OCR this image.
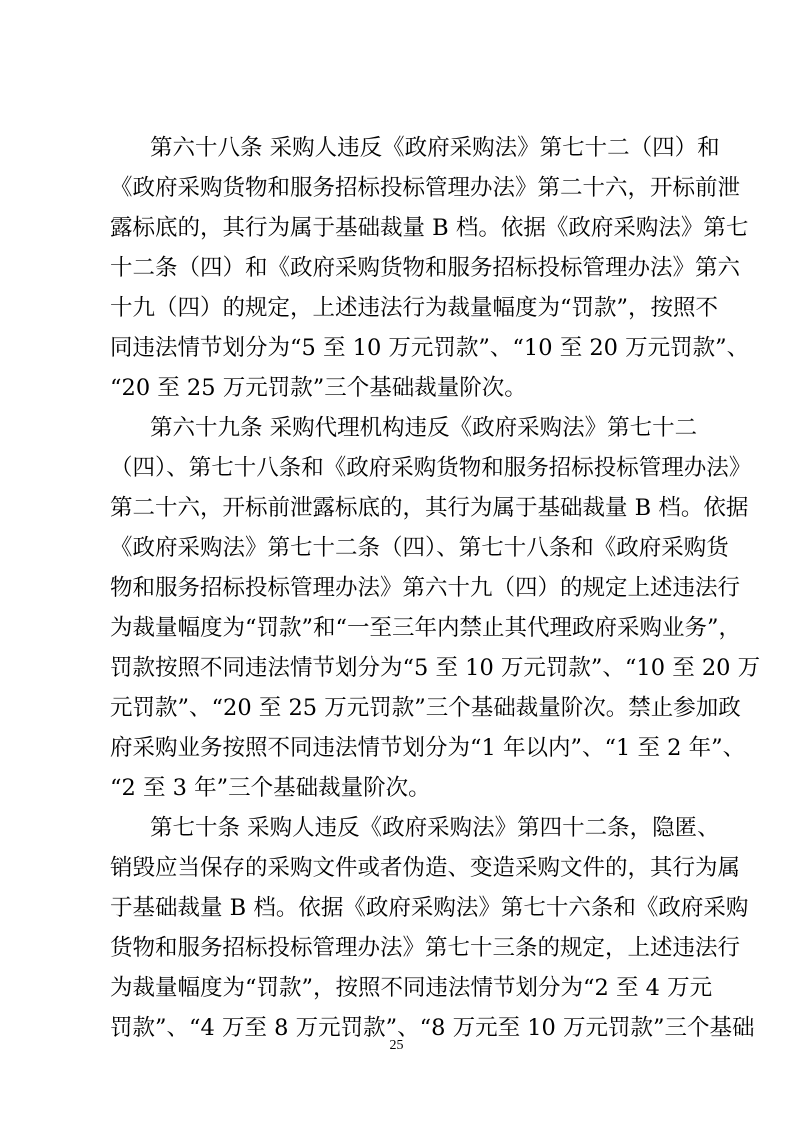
第六十八条 采购人违反《政府采购法》第七十二（四）和
《政府采购货物和服务招标投标管理办法》第二十六，开标前泄
露标底的，其行为属于基础裁量 B 档。依据《政府采购法》第七
十二条（四）和《政府采购货物和服务招标投标管理办法》第六
十九（四）的规定，上述违法行为裁量幅度为“罚款”，按照不
同违法情节划分为“5 至 10 万元罚款”、“10 至 20 万元罚款”、
“20 至 25 万元罚款”三个基础裁量阶次。
第六十九条 采购代理机构违反《政府采购法》第七十二
（四）、第七十八条和《政府采购货物和服务招标投标管理办法》
第二十六，开标前泄露标底的，其行为属于基础裁量 B 档。依据
《政府采购法》第七十二条（四）、第七十八条和《政府采购货
物和服务招标投标管理办法》第六十九（四）的规定上述违法行
为裁量幅度为“罚款”和“一至三年内禁止其代理政府采购业务”，
罚款按照不同违法情节划分为“5 至 10 万元罚款”、“10 至 20 万
元罚款”、“20 至 25 万元罚款”三个基础裁量阶次。禁止参加政
府采购业务按照不同违法情节划分为“1 年以内”、“1 至 2 年”、
“2 至 3 年”三个基础裁量阶次。
第七十条 采购人违反《政府采购法》第四十二条，隐匿、
销毁应当保存的采购文件或者伪造、变造采购文件的，其行为属
于基础裁量 B 档。依据《政府采购法》第七十六条和《政府采购
货物和服务招标投标管理办法》第七十三条的规定，上述违法行
为裁量幅度为“罚款”，按照不同违法情节划分为“2 至 4 万元
罚款”、“4 万至 8 万元罚款”、“8 万元至 10 万元罚款”三个基础
25
